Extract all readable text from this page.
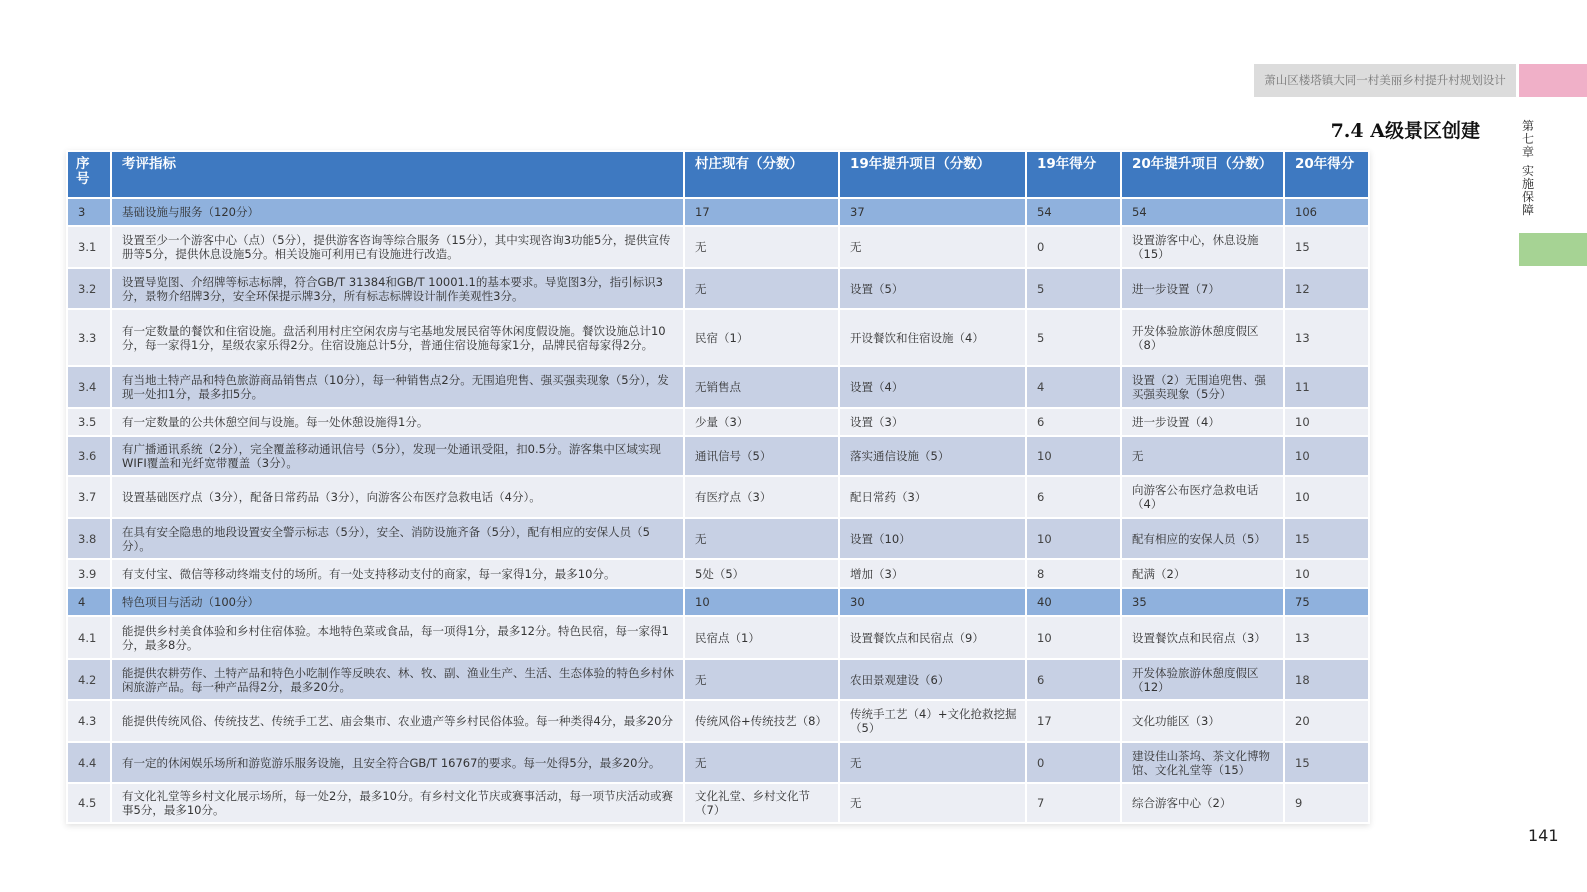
萧山区楼塔镇大同一村美丽乡村提升村规划设计
7.4 A级景区创建	第
七
章
实
施
保
障
141
序号	考评指标	村庄现有（分数）	19年提升项目（分数）	19年得分	20年提升项目（分数）	20年得分
3	基础设施与服务（120分）	17	37	54	54	106
3.1	设置至少一个游客中心（点）（5分），提供游客咨询等综合服务（15分），其中实现咨询3功能5分，提供宣传册等5分，提供休息设施5分。相关设施可利用已有设施进行改造。	无	无	0	设置游客中心，休息设施（15）	15
3.2	设置导览图、介绍牌等标志标牌，符合GB/T 31384和GB/T 10001.1的基本要求。导览图3分，指引标识3分，景物介绍牌3分，安全环保提示牌3分，所有标志标牌设计制作美观性3分。	无	设置（5）	5	进一步设置（7）	12
3.3	有一定数量的餐饮和住宿设施。盘活利用村庄空闲农房与宅基地发展民宿等休闲度假设施。餐饮设施总计10分，每一家得1分，星级农家乐得2分。住宿设施总计5分，普通住宿设施每家1分，品牌民宿每家得2分。	民宿（1）	开设餐饮和住宿设施（4）	5	开发体验旅游休憩度假区（8）	13
3.4	有当地土特产品和特色旅游商品销售点（10分），每一种销售点2分。无围追兜售、强买强卖现象（5分），发现一处扣1分，最多扣5分。	无销售点	设置（4）	4	设置（2）无围追兜售、强买强卖现象（5分）	11
3.5	有一定数量的公共休憩空间与设施。每一处休憩设施得1分。	少量（3）	设置（3）	6	进一步设置（4）	10
3.6	有广播通讯系统（2分），完全覆盖移动通讯信号（5分），发现一处通讯受阻，扣0.5分。游客集中区域实现WIFI覆盖和光纤宽带覆盖（3分）。	通讯信号（5）	落实通信设施（5）	10	无	10
3.7	设置基础医疗点（3分），配备日常药品（3分），向游客公布医疗急救电话（4分）。	有医疗点（3）	配日常药（3）	6	向游客公布医疗急救电话（4）	10
3.8	在具有安全隐患的地段设置安全警示标志（5分），安全、消防设施齐备（5分），配有相应的安保人员（5分）。	无	设置（10）	10	配有相应的安保人员（5）	15
3.9	有支付宝、微信等移动终端支付的场所。有一处支持移动支付的商家，每一家得1分，最多10分。	5处（5）	增加（3）	8	配满（2）	10
4	特色项目与活动（100分）	10	30	40	35	75
4.1	能提供乡村美食体验和乡村住宿体验。本地特色菜或食品，每一项得1分，最多12分。特色民宿，每一家得1分，最多8分。	民宿点（1）	设置餐饮点和民宿点（9）	10	设置餐饮点和民宿点（3）	13
4.2	能提供农耕劳作、土特产品和特色小吃制作等反映农、林、牧、副、渔业生产、生活、生态体验的特色乡村休闲旅游产品。每一种产品得2分，最多20分。	无	农田景观建设（6）	6	开发体验旅游休憩度假区（12）	18
4.3	能提供传统风俗、传统技艺、传统手工艺、庙会集市、农业遗产等乡村民俗体验。每一种类得4分，最多20分	传统风俗+传统技艺（8）	传统手工艺（4）+文化抢救挖掘（5）	17	文化功能区（3）	20
4.4	有一定的休闲娱乐场所和游览游乐服务设施，且安全符合GB/T 16767的要求。每一处得5分，最多20分。	无	无	0	建设佳山茶坞、茶文化博物馆、文化礼堂等（15）	15
4.5	有文化礼堂等乡村文化展示场所，每一处2分，最多10分。有乡村文化节庆或赛事活动，每一项节庆活动或赛事5分，最多10分。	文化礼堂、乡村文化节（7）	无	7	综合游客中心（2）	9
